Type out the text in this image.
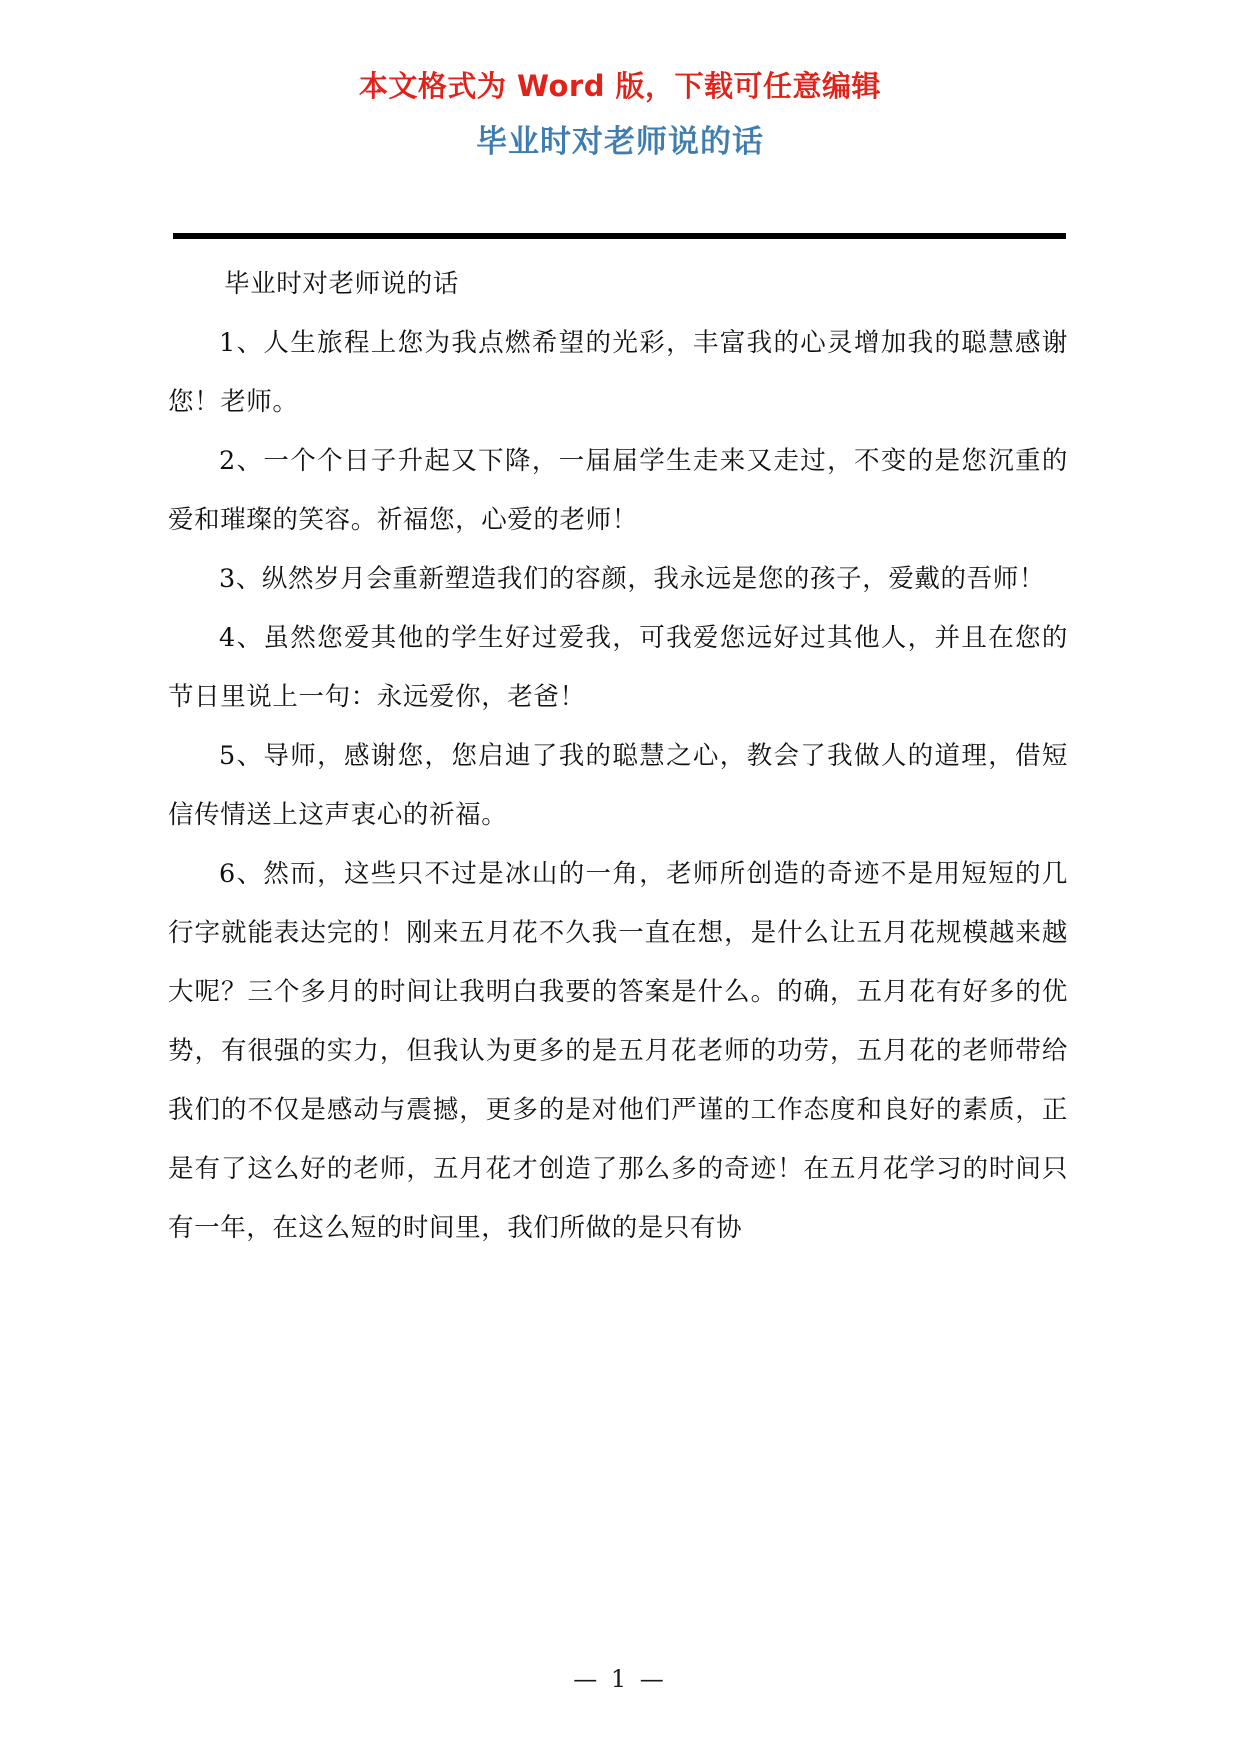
本文格式为 Word 版，下载可任意编辑
毕业时对老师说的话

毕业时对老师说的话

1、人生旅程上您为我点燃希望的光彩，丰富我的心灵增加我的聪慧感谢您！老师。

2、一个个日子升起又下降，一届届学生走来又走过，不变的是您沉重的爱和璀璨的笑容。祈福您，心爱的老师！

3、纵然岁月会重新塑造我们的容颜，我永远是您的孩子，爱戴的吾师！

4、虽然您爱其他的学生好过爱我，可我爱您远好过其他人，并且在您的节日里说上一句：永远爱你，老爸！

5、导师，感谢您，您启迪了我的聪慧之心，教会了我做人的道理，借短信传情送上这声衷心的祈福。

6、然而，这些只不过是冰山的一角，老师所创造的奇迹不是用短短的几行字就能表达完的！刚来五月花不久我一直在想，是什么让五月花规模越来越大呢？三个多月的时间让我明白我要的答案是什么。的确，五月花有好多的优势，有很强的实力，但我认为更多的是五月花老师的功劳，五月花的老师带给我们的不仅是感动与震撼，更多的是对他们严谨的工作态度和良好的素质，正是有了这么好的老师，五月花才创造了那么多的奇迹！在五月花学习的时间只有一年，在这么短的时间里，我们所做的是只有协

— 1 —
